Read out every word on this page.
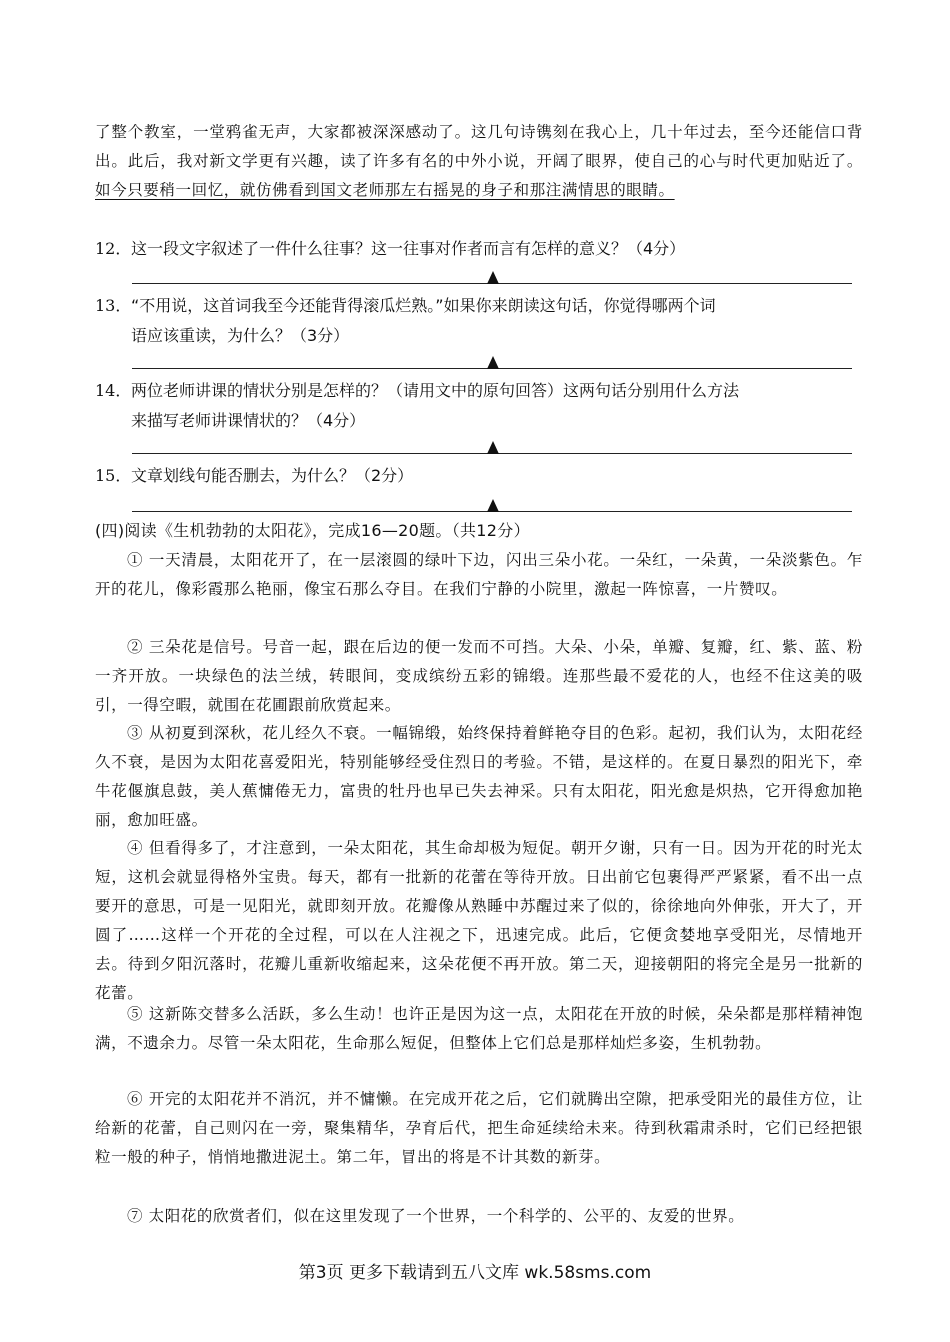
了整个教室，一堂鸦雀无声，大家都被深深感动了。这几句诗镌刻在我心上，几十年过去，至今还能信口背出。此后，我对新文学更有兴趣，读了许多有名的中外小说，开阔了眼界，使自己的心与时代更加贴近了。如今只要稍一回忆，就仿佛看到国文老师那左右摇晃的身子和那注满情思的眼睛。
12．这一段文字叙述了一件什么往事？这一往事对作者而言有怎样的意义？（4分）
13．“不用说，这首词我至今还能背得滚瓜烂熟。”如果你来朗读这句话，你觉得哪两个词
语应该重读，为什么？（3分）
14．两位老师讲课的情状分别是怎样的？（请用文中的原句回答）这两句话分别用什么方法
来描写老师讲课情状的？（4分）
15．文章划线句能否删去，为什么？（2分）
(四)阅读《生机勃勃的太阳花》，完成16—20题。（共12分）
① 一天清晨，太阳花开了，在一层滚圆的绿叶下边，闪出三朵小花。一朵红，一朵黄，一朵淡紫色。乍开的花儿，像彩霞那么艳丽，像宝石那么夺目。在我们宁静的小院里，激起一阵惊喜，一片赞叹。
② 三朵花是信号。号音一起，跟在后边的便一发而不可挡。大朵、小朵，单瓣、复瓣，红、紫、蓝、粉一齐开放。一块绿色的法兰绒，转眼间，变成缤纷五彩的锦缎。连那些最不爱花的人，也经不住这美的吸引，一得空暇，就围在花圃跟前欣赏起来。
③ 从初夏到深秋，花儿经久不衰。一幅锦缎，始终保持着鲜艳夺目的色彩。起初，我们认为，太阳花经久不衰，是因为太阳花喜爱阳光，特别能够经受住烈日的考验。不错，是这样的。在夏日暴烈的阳光下，牵牛花偃旗息鼓，美人蕉慵倦无力，富贵的牡丹也早已失去神采。只有太阳花，阳光愈是炽热，它开得愈加艳丽，愈加旺盛。
④ 但看得多了，才注意到，一朵太阳花，其生命却极为短促。朝开夕谢，只有一日。因为开花的时光太短，这机会就显得格外宝贵。每天，都有一批新的花蕾在等待开放。日出前它包裹得严严紧紧，看不出一点要开的意思，可是一见阳光，就即刻开放。花瓣像从熟睡中苏醒过来了似的，徐徐地向外伸张，开大了，开圆了……这样一个开花的全过程，可以在人注视之下，迅速完成。此后，它便贪婪地享受阳光，尽情地开去。待到夕阳沉落时，花瓣儿重新收缩起来，这朵花便不再开放。第二天，迎接朝阳的将完全是另一批新的花蕾。
⑤ 这新陈交替多么活跃，多么生动！也许正是因为这一点，太阳花在开放的时候，朵朵都是那样精神饱满，不遗余力。尽管一朵太阳花，生命那么短促，但整体上它们总是那样灿烂多姿，生机勃勃。
⑥ 开完的太阳花并不消沉，并不慵懒。在完成开花之后，它们就腾出空隙，把承受阳光的最佳方位，让给新的花蕾，自己则闪在一旁，聚集精华，孕育后代，把生命延续给未来。待到秋霜肃杀时，它们已经把银粒一般的种子，悄悄地撒进泥土。第二年，冒出的将是不计其数的新芽。
⑦ 太阳花的欣赏者们，似在这里发现了一个世界，一个科学的、公平的、友爱的世界。
第3页 更多下载请到五八文库 wk.58sms.com
